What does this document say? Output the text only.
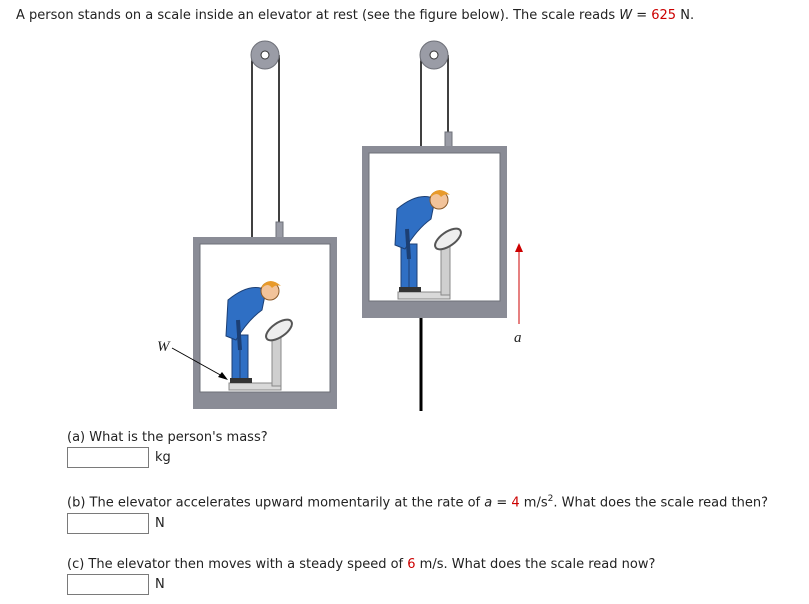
A person stands on a scale inside an elevator at rest (see the figure below). The scale reads W = 625 N.
W
a
(a) What is the person's mass?
kg
(b) The elevator accelerates upward momentarily at the rate of a = 4 $m/s^2$. What does the scale read then?
N
(c) The elevator then moves with a steady speed of 6 m/s. What does the scale read now?
N
